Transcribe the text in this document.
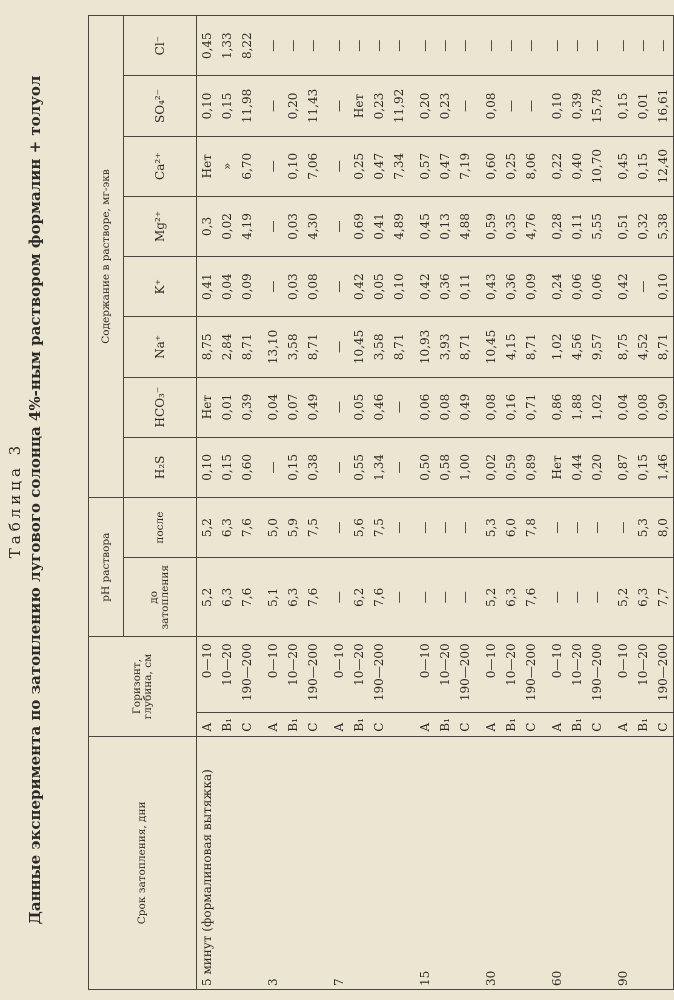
Таблица 3 Данные эксперимента по затоплению лугового солонца 4%-ным раствором формалин + толуол	Срок затопления, дни	Горизонт, глубина, см		рН раствора		Содержание в растворе, мг-экв							
			до затопления	после	H₂S	HCO₃⁻	Na⁺	K⁺	Mg²⁺	Ca²⁺	SO₄²⁻	Cl⁻
5 минут (формалиновая вытяжка)	А	0—10	5,2	5,2	0,10	Нет	8,75	0,41	0,3	Нет	0,10	0,45
	B₁	10—20	6,3	6,3	0,15	0,01	2,84	0,04	0,02	»	0,15	1,33
	C	190—200	7,6	7,6	0,60	0,39	8,71	0,09	4,19	6,70	11,98	8,22
3	А	0—10	5,1	5,0	—	0,04	13,10	—	—	—	—	—
	B₁	10—20	6,3	5,9	0,15	0,07	3,58	0,03	0,03	0,10	0,20	—
	C	190—200	7,6	7,5	0,38	0,49	8,71	0,08	4,30	7,06	11,43	—
7	А	0—10	—	—	—	—	—	—	—	—	—	—
	B₁	10—20	6,2	5,6	0,55	0,05	10,45	0,42	0,69	0,25	Нет	—
	C	190—200	7,6	7,5	1,34	0,46	3,58	0,05	0,41	0,47	0,23	—
			—	—	—	—	8,71	0,10	4,89	7,34	11,92	—
15	А	0—10	—	—	0,50	0,06	10,93	0,42	0,45	0,57	0,20	—
	B₁	10—20	—	—	0,58	0,08	3,93	0,36	0,13	0,47	0,23	—
	C	190—200	—	—	1,00	0,49	8,71	0,11	4,88	7,19	—	—
30	А	0—10	5,2	5,3	0,02	0,08	10,45	0,43	0,59	0,60	0,08	—
	B₁	10—20	6,3	6,0	0,59	0,16	4,15	0,36	0,35	0,25	—	—
	C	190—200	7,6	7,8	0,89	0,71	8,71	0,09	4,76	8,06	—	—
60	А	0—10	—	—	Нет	0,86	1,02	0,24	0,28	0,22	0,10	—
	B₁	10—20	—	—	0,44	1,88	4,56	0,06	0,11	0,40	0,39	—
	C	190—200	—	—	0,20	1,02	9,57	0,06	5,55	10,70	15,78	—
90	А	0—10	5,2	—	0,87	0,04	8,75	0,42	0,51	0,45	0,15	—
	B₁	10—20	6,3	5,3	0,15	0,08	4,52	—	0,32	0,15	0,01	—
	C	190—200	7,7	8,0	1,46	0,90	8,71	0,10	5,38	12,40	16,61	—
